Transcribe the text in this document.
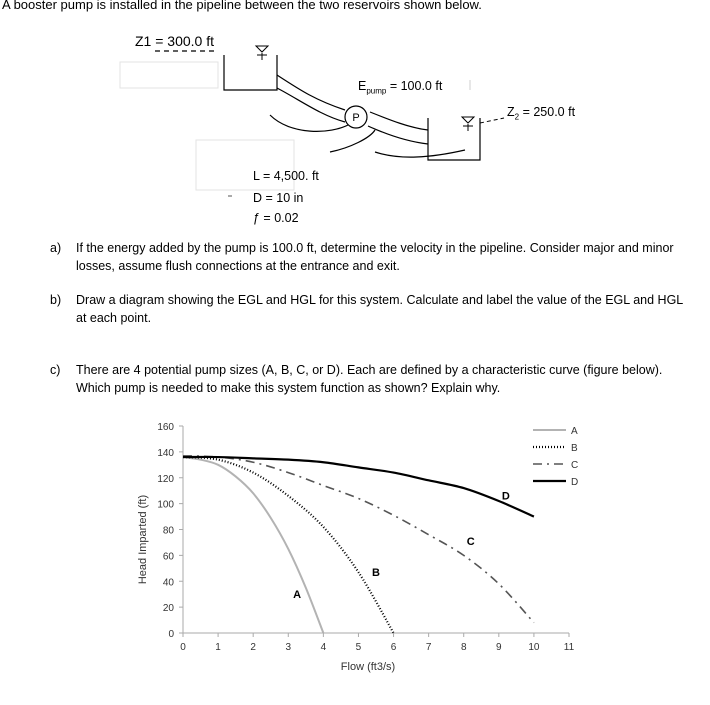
A booster pump is installed in the pipeline between the two reservoirs shown below.
P
Z1 = 300.0 ft
$E_{pump} = 100.0$ ft
$Z_2 = 250.0$ ft
L = 4,500. ft
D = 10 in
ƒ = 0.02
a) If the energy added by the pump is 100.0 ft, determine the velocity in the pipeline. Consider major and minor losses, assume flush connections at the entrance and exit.
b) Draw a diagram showing the EGL and HGL for this system. Calculate and label the value of the EGL and HGL at each point.
c) There are 4 potential pump sizes (A, B, C, or D). Each are defined by a characteristic curve (figure below). Which pump is needed to make this system function as shown? Explain why.
0
20
40
60
80
100
120
140
160
0	1	2	3	4	5	6	7	8	9	10 11
Flow (ft3/s)
Head Imparted (ft)
A
B
C
D
A
B
C
D
